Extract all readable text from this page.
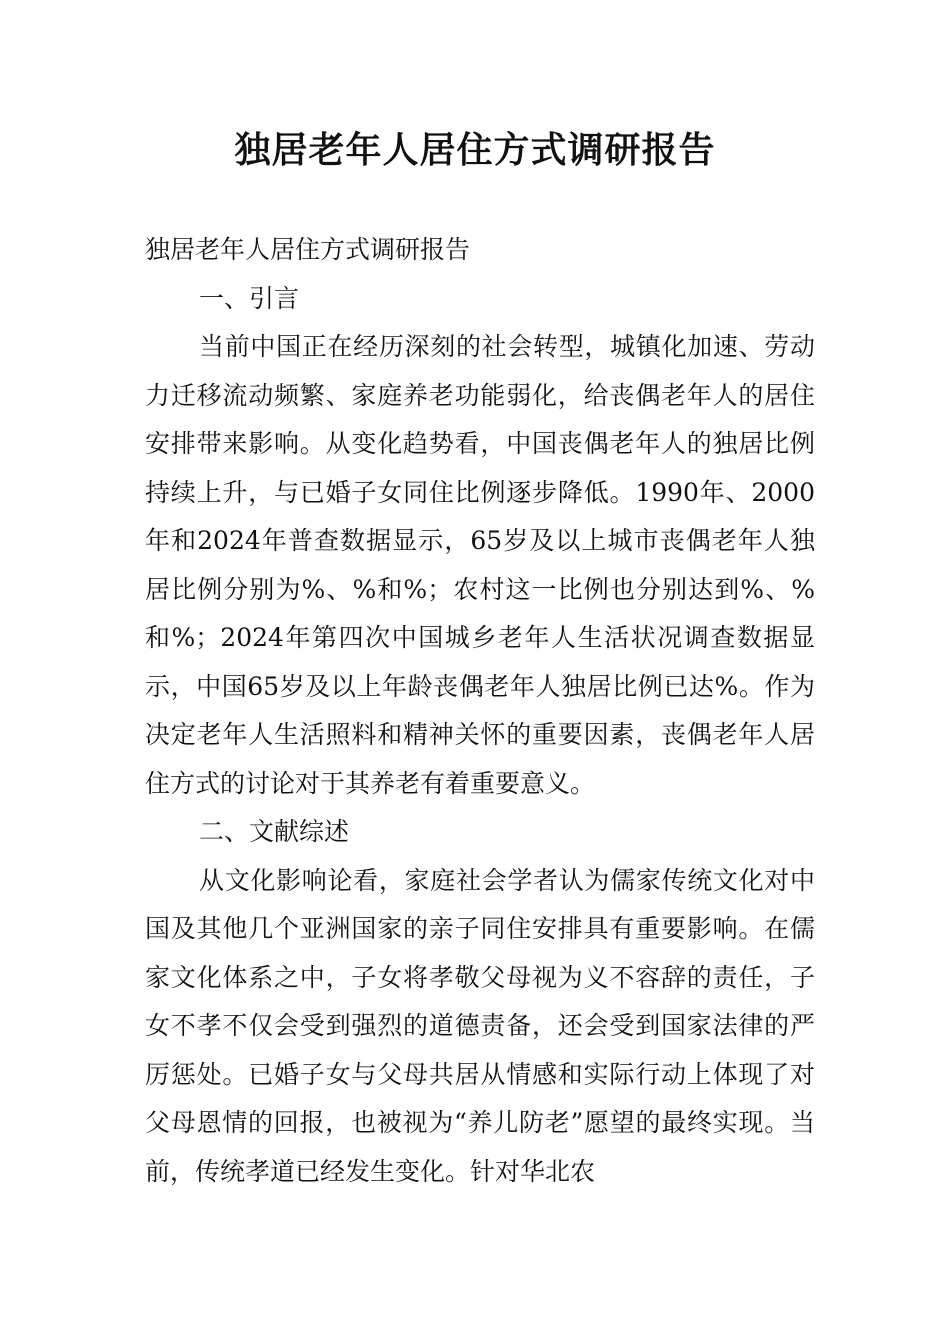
独居老年人居住方式调研报告

独居老年人居住方式调研报告

一、引言

当前中国正在经历深刻的社会转型，城镇化加速、劳动力迁移流动频繁、家庭养老功能弱化，给丧偶老年人的居住安排带来影响。从变化趋势看，中国丧偶老年人的独居比例持续上升，与已婚子女同住比例逐步降低。1990年、2000年和2024年普查数据显示，65岁及以上城市丧偶老年人独居比例分别为%、%和%；农村这一比例也分别达到%、%和%；2024年第四次中国城乡老年人生活状况调查数据显示，中国65岁及以上年龄丧偶老年人独居比例已达%。作为决定老年人生活照料和精神关怀的重要因素，丧偶老年人居住方式的讨论对于其养老有着重要意义。

二、文献综述

从文化影响论看，家庭社会学者认为儒家传统文化对中国及其他几个亚洲国家的亲子同住安排具有重要影响。在儒家文化体系之中，子女将孝敬父母视为义不容辞的责任，子女不孝不仅会受到强烈的道德责备，还会受到国家法律的严厉惩处。已婚子女与父母共居从情感和实际行动上体现了对父母恩情的回报，也被视为“养儿防老”愿望的最终实现。当前，传统孝道已经发生变化。针对华北农
